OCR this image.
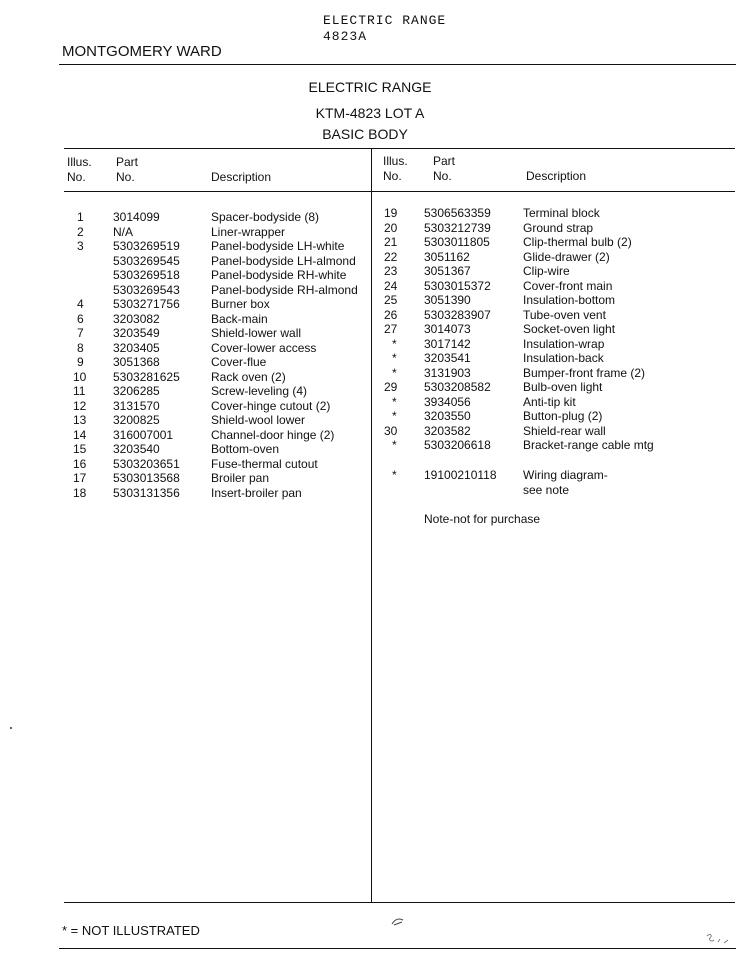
ELECTRIC RANGE
4823A
MONTGOMERY WARD
ELECTRIC RANGE
KTM-4823 LOT A
BASIC BODY
Illus.
No.
Part
No.	Description
Illus.
No.
Part
No.	Description
1 3014099	Spacer-bodyside (8)
2 N/A	Liner-wrapper
3 5303269519	Panel-bodyside LH-white
5303269545	Panel-bodyside LH-almond
5303269518	Panel-bodyside RH-white
5303269543	Panel-bodyside RH-almond
4 5303271756	Burner box
6 3203082	Back-main
7 3203549	Shield-lower wall
8 3203405	Cover-lower access
9 3051368	Cover-flue
10 5303281625	Rack oven (2)
11 3206285	Screw-leveling (4)
12 3131570	Cover-hinge cutout (2)
13 3200825	Shield-wool lower
14 316007001	Channel-door hinge (2)
15 3203540	Bottom-oven
16 5303203651	Fuse-thermal cutout
17 5303013568	Broiler pan
18 5303131356	Insert-broiler pan
19 5306563359	Terminal block
20 5303212739	Ground strap
21 5303011805	Clip-thermal bulb (2)
22 3051162	Glide-drawer (2)
23 3051367	Clip-wire
24 5303015372	Cover-front main
25 3051390	Insulation-bottom
26 5303283907	Tube-oven vent
27 3014073	Socket-oven light
* 3017142	Insulation-wrap
* 3203541	Insulation-back
* 3131903	Bumper-front frame (2)
29 5303208582	Bulb-oven light
* 3934056	Anti-tip kit
* 3203550	Button-plug (2)
30 3203582	Shield-rear wall
* 5303206618	Bracket-range cable mtg
* 19100210118 Wiring diagram-
see note
Note-not for purchase
* = NOT ILLUSTRATED
